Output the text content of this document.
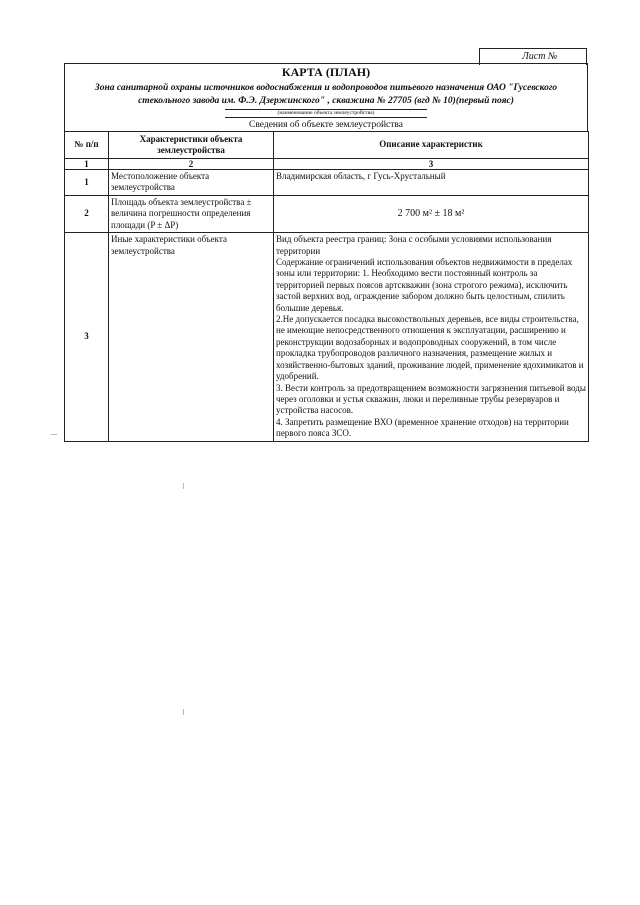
Лист №
КАРТА (ПЛАН)
Зона санитарной охраны источников водоснабжения и водопроводов питьевого назначения ОАО "Гусевского стекольного завода им. Ф.Э. Дзержинского" , скважина № 27705 (вгд № 10)(первый пояс)
(наименование объекта землеустройства)
Сведения об объекте землеустройства
№ п/п	Характеристики объекта землеустройства	Описание характеристик
1	2	3
1	Местоположение объекта землеустройства	Владимирская область, г Гусь-Хрустальный
2	Площадь объекта землеустройства ± величина погрешности определения площади (P ± ΔP)	2 700 м² ± 18 м²
3	Иные характеристики объекта землеустройства	Вид объекта реестра границ: Зона с особыми условиями использования территории
Содержание ограничений использования объектов недвижимости в пределах зоны или территории: 1. Необходимо вести постоянный контроль за территорией первых поясов артскважин (зона строгого режима), исключить застой верхних вод, ограждение забором должно быть целостным, спилить большие деревья.
2.Не допускается посадка высокоствольных деревьев, все виды строительства, не имеющие непосредственного отношения к эксплуатации, расширению и реконструкции водозаборных и водопроводных сооружений, в том числе прокладка трубопроводов различного назначения, размещение жилых и хозяйственно-бытовых зданий, проживание людей, применение ядохимикатов и удобрений.
3. Вести контроль за предотвращением возможности загрязнения питьевой воды через оголовки и устья скважин, люки и переливные трубы резервуаров и устройства насосов.
4. Запретить размещение ВХО (временное хранение отходов) на территории первого пояса ЗСО.
